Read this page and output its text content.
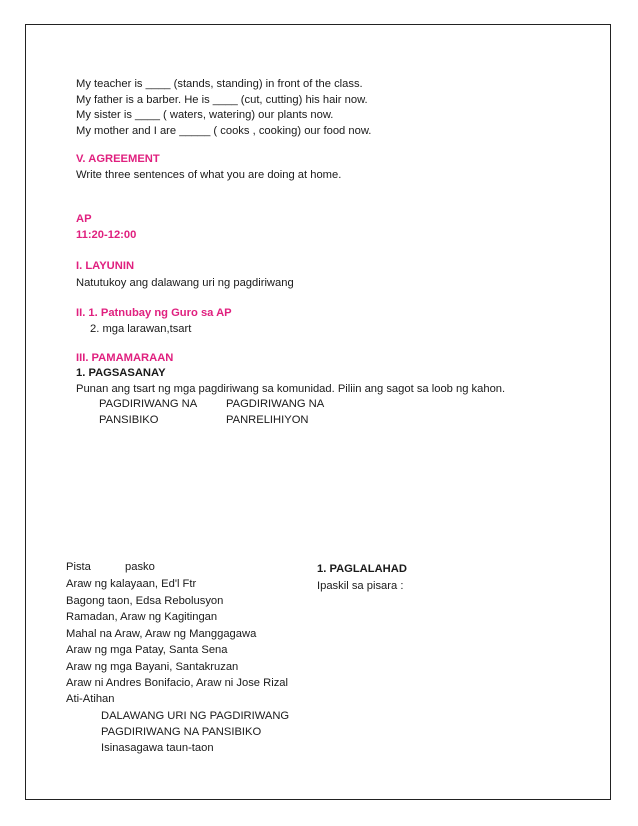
My teacher is ____ (stands, standing) in front of the class.
My father is a barber. He is ____ (cut, cutting) his hair now.
My sister is ____ ( waters, watering) our plants now.
My mother and I are _____ ( cooks , cooking) our food now.
V. AGREEMENT
Write three sentences of what you are doing at home.
AP
11:20-12:00
I. LAYUNIN
Natutukoy ang dalawang uri ng pagdiriwang
II. 1. Patnubay ng Guro sa AP
2. mga larawan,tsart
III. PAMAMARAAN
1. PAGSASANAY
Punan ang tsart ng mga pagdiriwang sa komunidad. Piliin ang sagot sa loob ng kahon.
PAGDIRIWANG NA
PANSIBIKO
PAGDIRIWANG NA
PANRELIHIYON
Pista	pasko
Araw ng kalayaan, Ed'l Ftr
Bagong taon, Edsa Rebolusyon
Ramadan, Araw ng Kagitingan
Mahal na Araw, Araw ng Manggagawa
Araw ng mga Patay, Santa Sena
Araw ng mga Bayani, Santakruzan
Araw ni Andres Bonifacio, Araw ni Jose Rizal
Ati-Atihan
DALAWANG URI NG PAGDIRIWANG
PAGDIRIWANG NA PANSIBIKO
Isinasagawa taun-taon
1. PAGLALAHAD
Ipaskil sa pisara :
